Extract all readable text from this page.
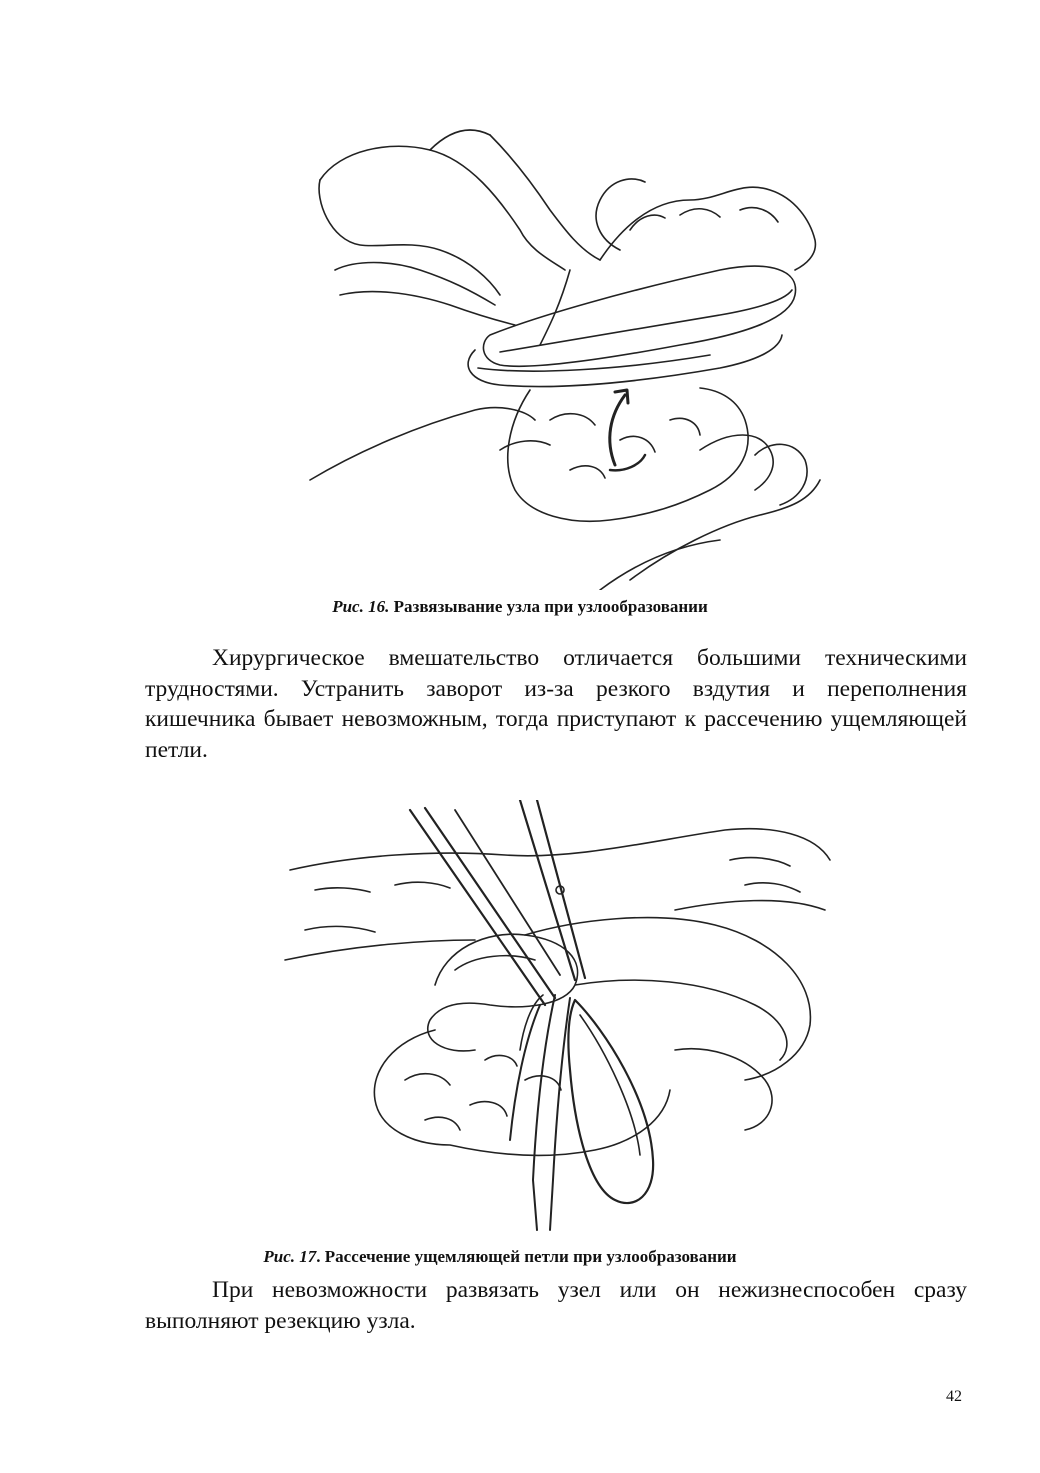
Рис. 16. Развязывание узла при узлообразовании

Хирургическое вмешательство отличается большими техническими трудностями. Устранить заворот из-за резкого вздутия и переполнения кишечника бывает невозможным, тогда приступают к рассечению ущемляющей петли.

Рис. 17. Рассечение ущемляющей петли при узлообразовании

При невозможности развязать узел или он нежизнеспособен сразу выполняют резекцию узла.

42
